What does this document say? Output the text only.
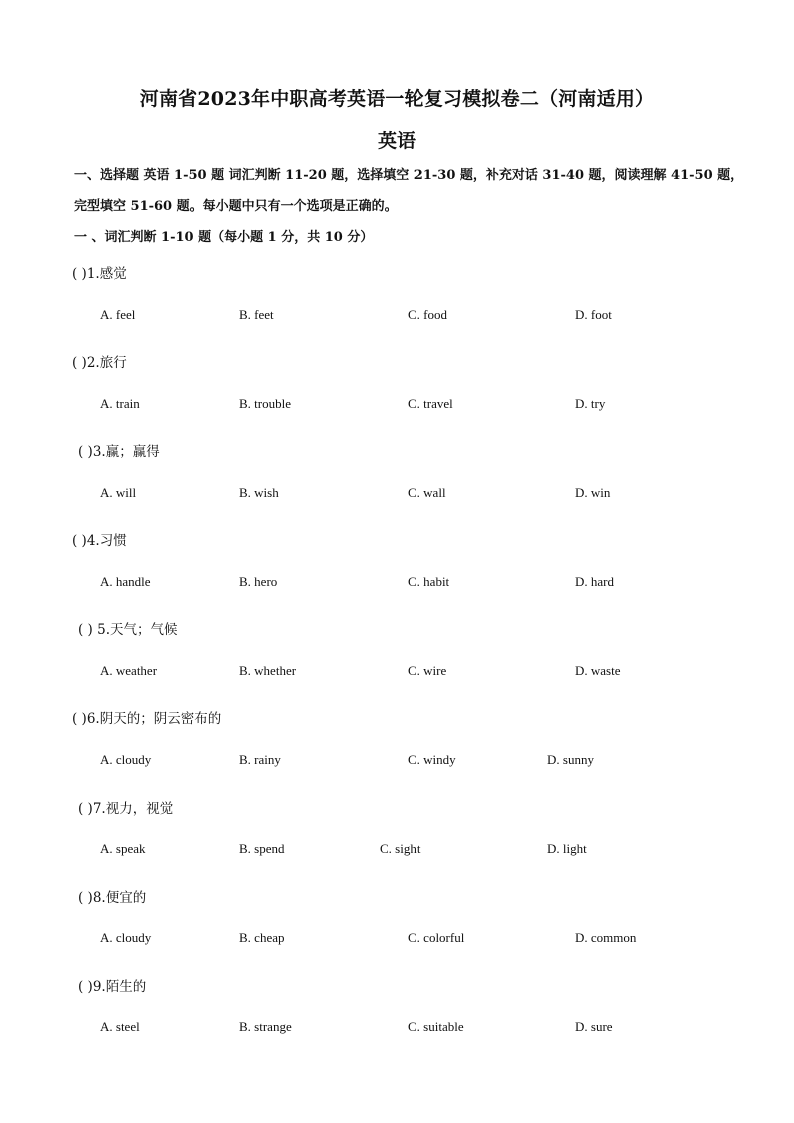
河南省2023年中职高考英语一轮复习模拟卷二（河南适用）
英语
一、选择题 英语 1-50 题 词汇判断 11-20 题，选择填空 21-30 题，补充对话 31-40 题，阅读理解 41-50 题，
完型填空 51-60 题。每小题中只有一个选项是正确的。
一 、词汇判断 1-10 题（每小题 1 分，共 10 分）
( )1.感觉
A. feel	B. feet	C. food	D. foot
( )2.旅行
A. train	B. trouble	C. travel	D. try
( )3.赢；赢得
A. will	B. wish	C. wall	D. win
( )4.习惯
A. handle	B. hero	C. habit	D. hard
( ) 5.天气；气候
A. weather	B. whether	C. wire	D. waste
( )6.阴天的；阴云密布的
A. cloudy	B. rainy	C. windy	D. sunny
( )7.视力，视觉
A. speak	B. spend	C. sight	D. light
( )8.便宜的
A. cloudy	B. cheap	C. colorful	D. common
( )9.陌生的
A. steel	B. strange	C. suitable	D. sure
